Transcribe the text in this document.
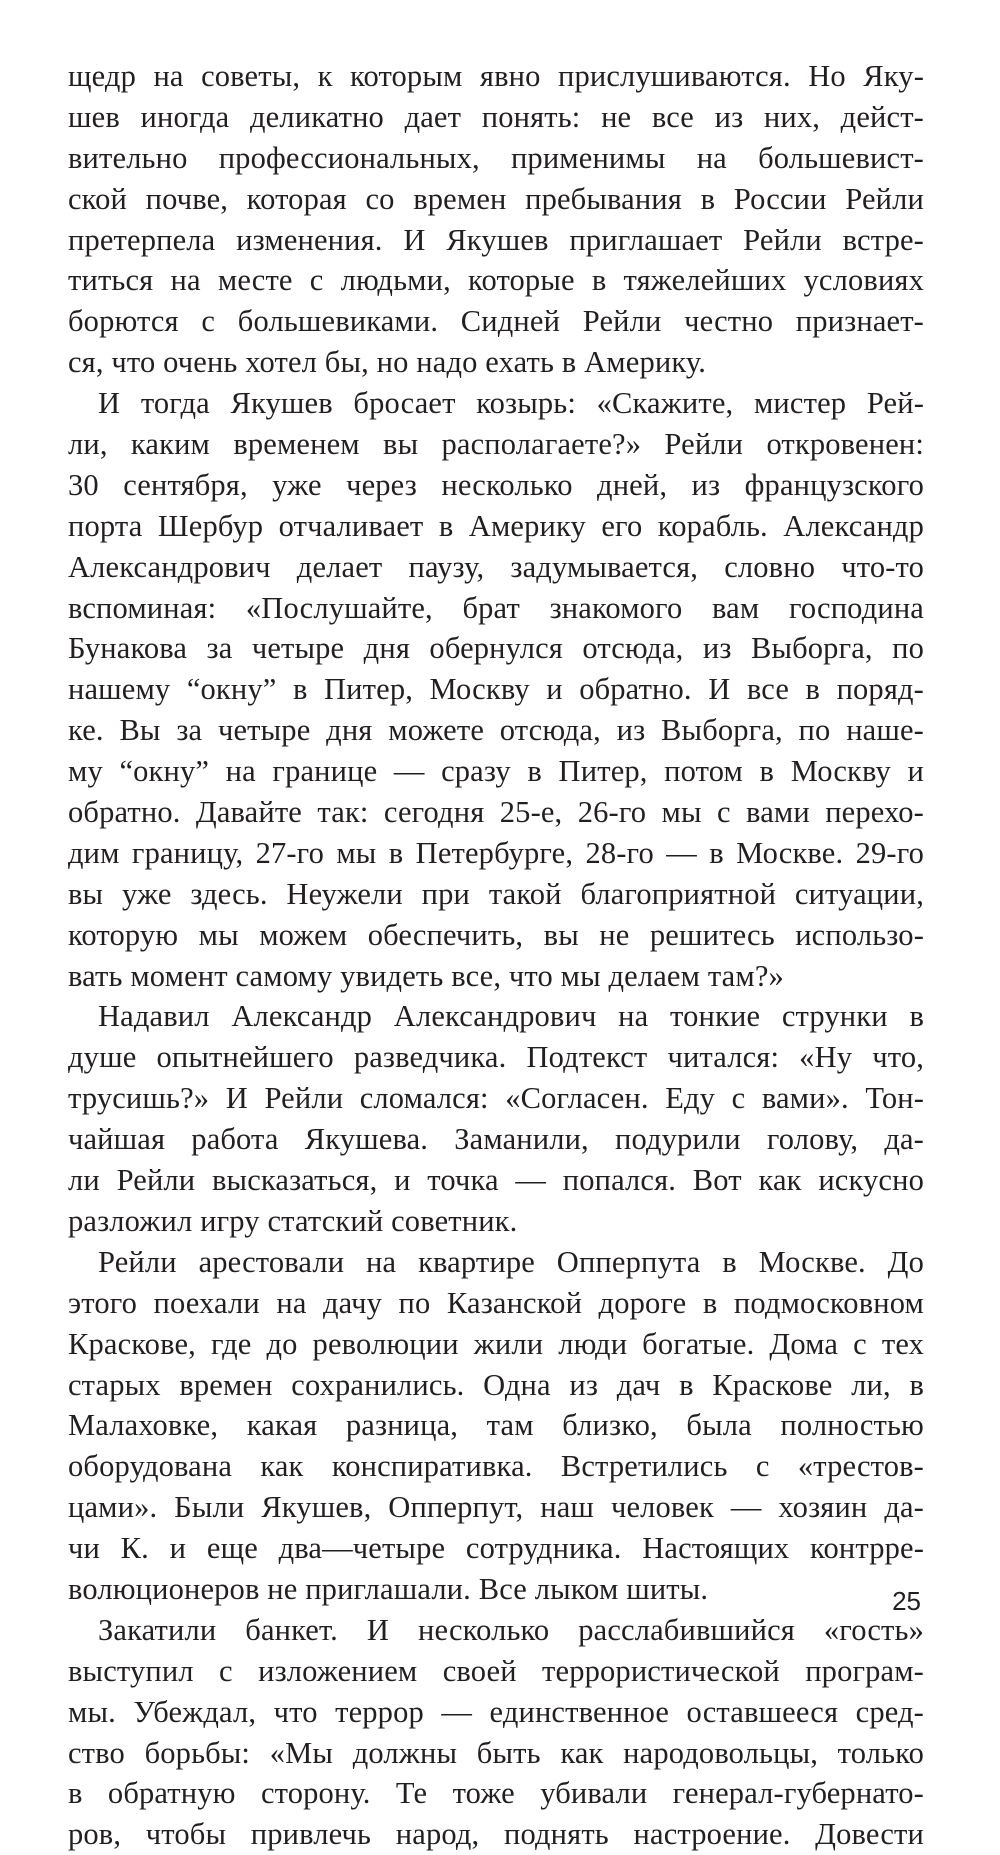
щедр на советы, к которым явно прислушиваются. Но Яку-
шев иногда деликатно дает понять: не все из них, дейст-
вительно профессиональных, применимы на большевист-
ской почве, которая со времен пребывания в России Рейли
претерпела изменения. И Якушев приглашает Рейли встре-
титься на месте с людьми, которые в тяжелейших условиях
борются с большевиками. Сидней Рейли честно признает-
ся, что очень хотел бы, но надо ехать в Америку.
И тогда Якушев бросает козырь: «Скажите, мистер Рей-
ли, каким временем вы располагаете?» Рейли откровенен:
30 сентября, уже через несколько дней, из французского
порта Шербур отчаливает в Америку его корабль. Александр
Александрович делает паузу, задумывается, словно что-то
вспоминая: «Послушайте, брат знакомого вам господина
Бунакова за четыре дня обернулся отсюда, из Выборга, по
нашему “окну” в Питер, Москву и обратно. И все в поряд-
ке. Вы за четыре дня можете отсюда, из Выборга, по наше-
му “окну” на границе — сразу в Питер, потом в Москву и
обратно. Давайте так: сегодня 25-е, 26-го мы с вами перехо-
дим границу, 27-го мы в Петербурге, 28-го — в Москве. 29-го
вы уже здесь. Неужели при такой благоприятной ситуации,
которую мы можем обеспечить, вы не решитесь использо-
вать момент самому увидеть все, что мы делаем там?»
Надавил Александр Александрович на тонкие струнки в
душе опытнейшего разведчика. Подтекст читался: «Ну что,
трусишь?» И Рейли сломался: «Согласен. Еду с вами». Тон-
чайшая работа Якушева. Заманили, подурили голову, да-
ли Рейли высказаться, и точка — попался. Вот как искусно
разложил игру статский советник.
Рейли арестовали на квартире Опперпута в Москве. До
этого поехали на дачу по Казанской дороге в подмосковном
Краскове, где до революции жили люди богатые. Дома с тех
старых времен сохранились. Одна из дач в Краскове ли, в
Малаховке, какая разница, там близко, была полностью
оборудована как конспиративка. Встретились с «трестов-
цами». Были Якушев, Опперпут, наш человек — хозяин да-
чи К. и еще два—четыре сотрудника. Настоящих контрре-
волюционеров не приглашали. Все лыком шиты.
Закатили банкет. И несколько расслабившийся «гость»
выступил с изложением своей террористической програм-
мы. Убеждал, что террор — единственное оставшееся сред-
ство борьбы: «Мы должны быть как народовольцы, только
в обратную сторону. Те тоже убивали генерал-губернато-
ров, чтобы привлечь народ, поднять настроение. Довести
25
